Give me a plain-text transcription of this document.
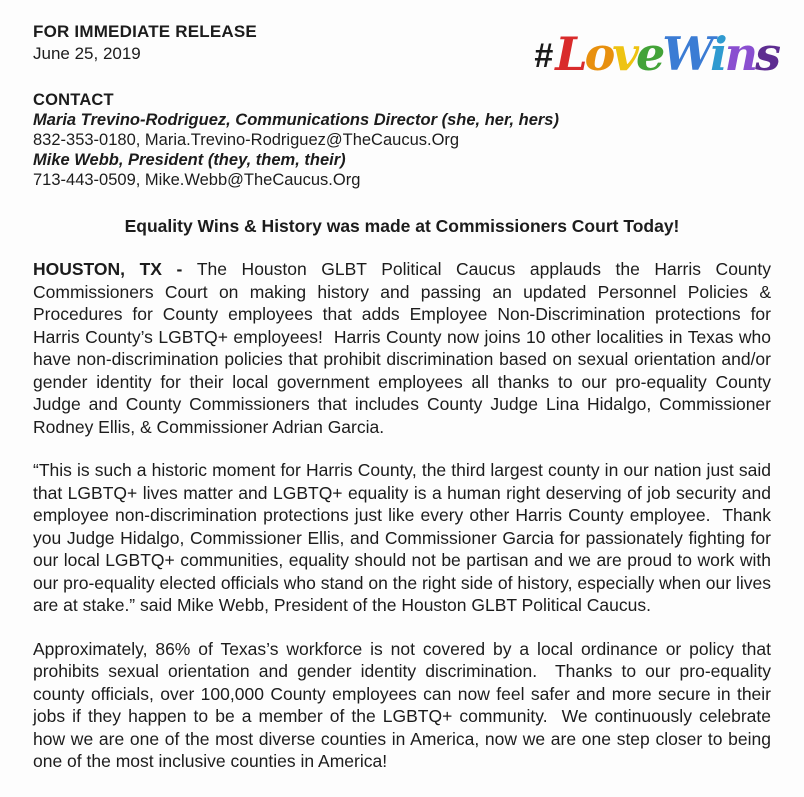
FOR IMMEDIATE RELEASE
June 25, 2019	#LoveWins
CONTACT
Maria Trevino-Rodriguez, Communications Director (she, her, hers)
832-353-0180, Maria.Trevino-Rodriguez@TheCaucus.Org
Mike Webb, President (they, them, their)
713-443-0509, Mike.Webb@TheCaucus.Org
Equality Wins & History was made at Commissioners Court Today!

HOUSTON, TX - The Houston GLBT Political Caucus applauds the Harris County Commissioners Court on making history and passing an updated Personnel Policies & Procedures for County employees that adds Employee Non-Discrimination protections for Harris County’s LGBTQ+ employees!  Harris County now joins 10 other localities in Texas who have non-discrimination policies that prohibit discrimination based on sexual orientation and/or gender identity for their local government employees all thanks to our pro-equality County Judge and County Commissioners that includes County Judge Lina Hidalgo, Commissioner Rodney Ellis, & Commissioner Adrian Garcia.

“This is such a historic moment for Harris County, the third largest county in our nation just said that LGBTQ+ lives matter and LGBTQ+ equality is a human right deserving of job security and employee non-discrimination protections just like every other Harris County employee.  Thank you Judge Hidalgo, Commissioner Ellis, and Commissioner Garcia for passionately fighting for our local LGBTQ+ communities, equality should not be partisan and we are proud to work with our pro-equality elected officials who stand on the right side of history, especially when our lives are at stake.” said Mike Webb, President of the Houston GLBT Political Caucus.

Approximately, 86% of Texas’s workforce is not covered by a local ordinance or policy that prohibits sexual orientation and gender identity discrimination.  Thanks to our pro-equality county officials, over 100,000 County employees can now feel safer and more secure in their jobs if they happen to be a member of the LGBTQ+ community.  We continuously celebrate how we are one of the most diverse counties in America, now we are one step closer to being one of the most inclusive counties in America!
